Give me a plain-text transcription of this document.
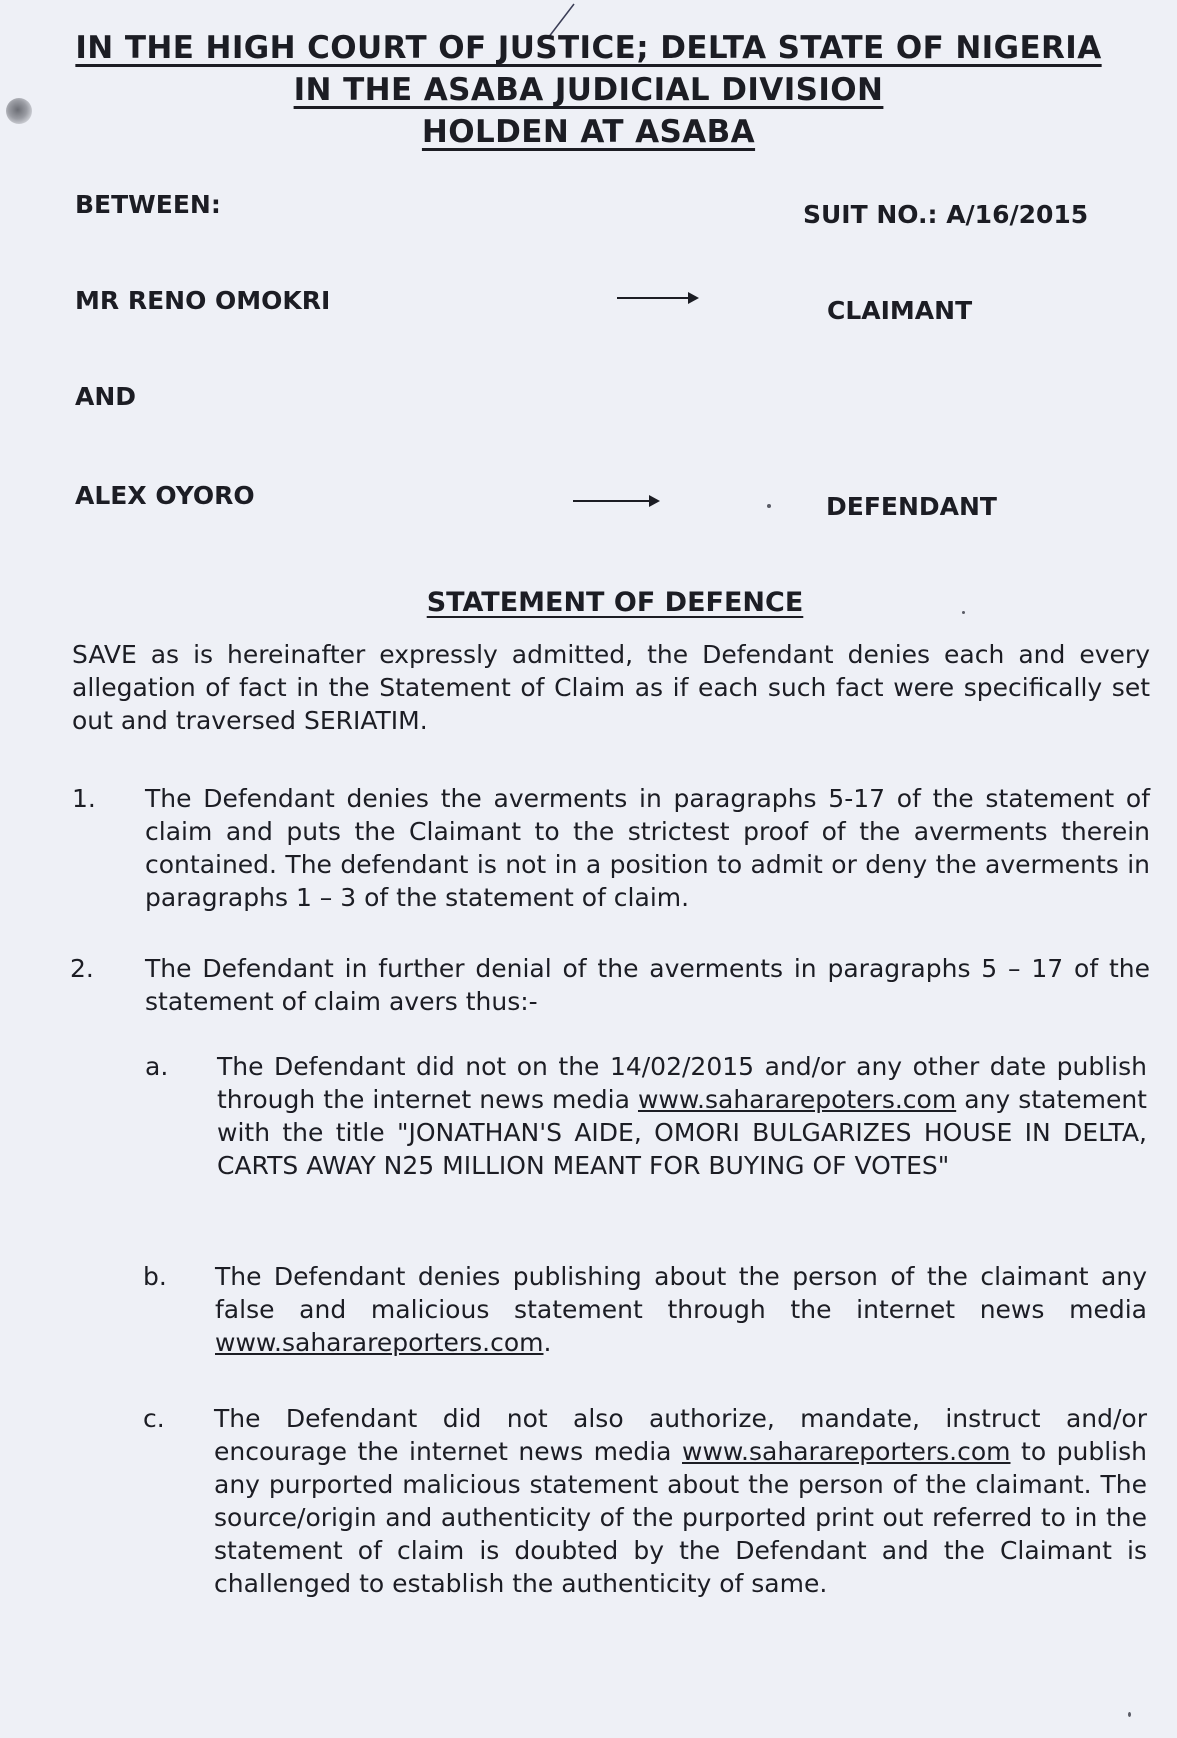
IN THE HIGH COURT OF JUSTICE; DELTA STATE OF NIGERIA
IN THE ASABA JUDICIAL DIVISION
HOLDEN AT ASABA
BETWEEN:	SUIT NO.: A/16/2015
MR RENO OMOKRI	CLAIMANT
AND
ALEX OYORO	DEFENDANT
STATEMENT OF DEFENCE
SAVE as is hereinafter expressly admitted, the Defendant denies each and every allegation of fact in the Statement of Claim as if each such fact were specifically set out and traversed SERIATIM.
1. The Defendant denies the averments in paragraphs 5-17 of the statement of claim and puts the Claimant to the strictest proof of the averments therein contained. The defendant is not in a position to admit or deny the averments in paragraphs 1 – 3 of the statement of claim.
2. The Defendant in further denial of the averments in paragraphs 5 – 17 of the statement of claim avers thus:-
a. The Defendant did not on the 14/02/2015 and/or any other date publish through the internet news media www.sahararepoters.com any statement with the title "JONATHAN'S AIDE, OMORI BULGARIZES HOUSE IN DELTA, CARTS AWAY N25 MILLION MEANT FOR BUYING OF VOTES"
b. The Defendant denies publishing about the person of the claimant any false and malicious statement through the internet news media www.saharareporters.com.
c. The Defendant did not also authorize, mandate, instruct and/or encourage the internet news media www.saharareporters.com to publish any purported malicious statement about the person of the claimant. The source/origin and authenticity of the purported print out referred to in the statement of claim is doubted by the Defendant and the Claimant is challenged to establish the authenticity of same.
